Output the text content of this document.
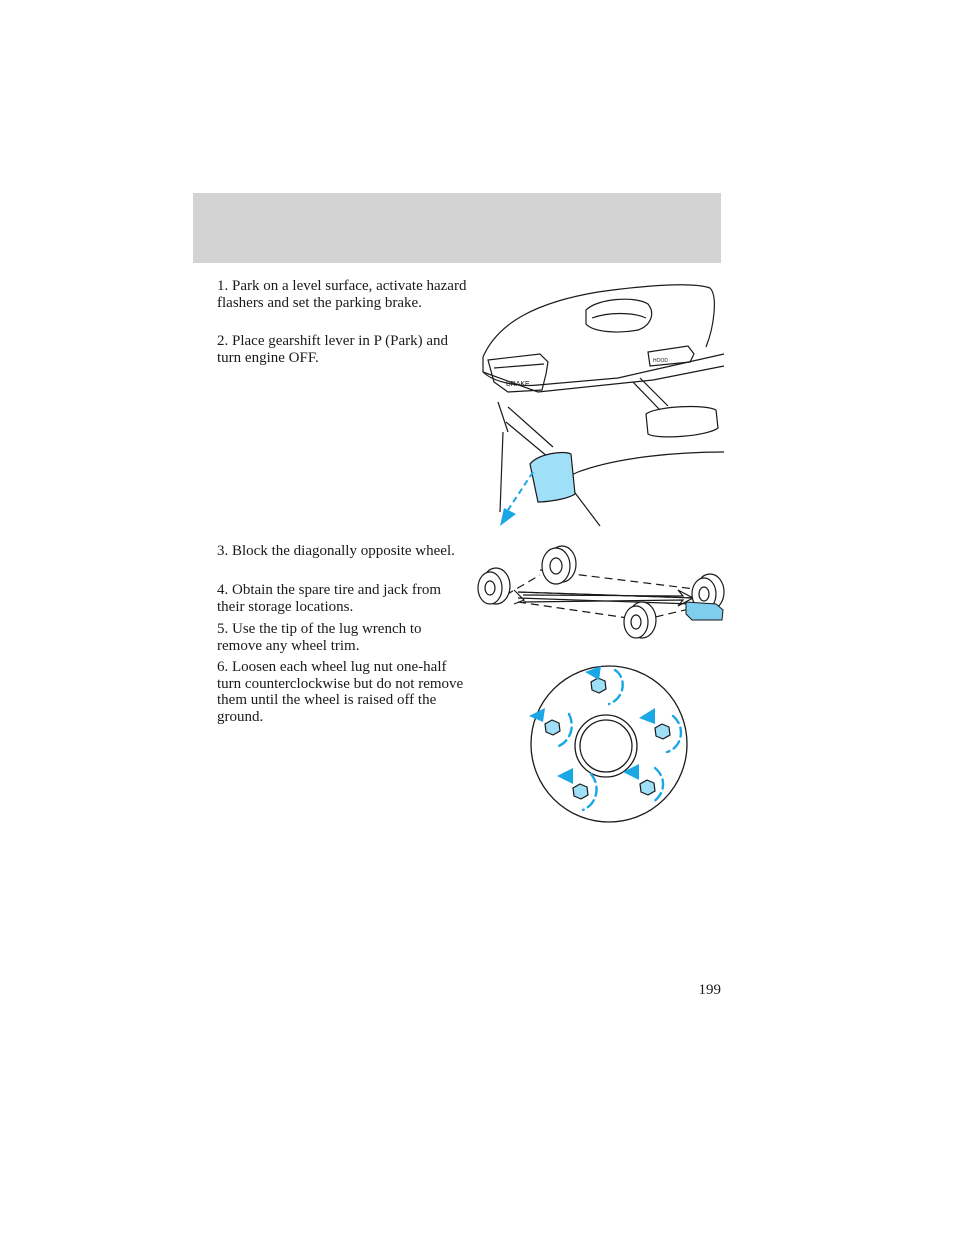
1. Park on a level surface, activate hazard flashers and set the parking brake.

2. Place gearshift lever in P (Park) and turn engine OFF.

3. Block the diagonally opposite wheel.

4. Obtain the spare tire and jack from their storage locations.

5. Use the tip of the lug wrench to remove any wheel trim.

6. Loosen each wheel lug nut one-half turn counterclockwise but do not remove them until the wheel is raised off the ground.

BRAKE
HOOD
199
